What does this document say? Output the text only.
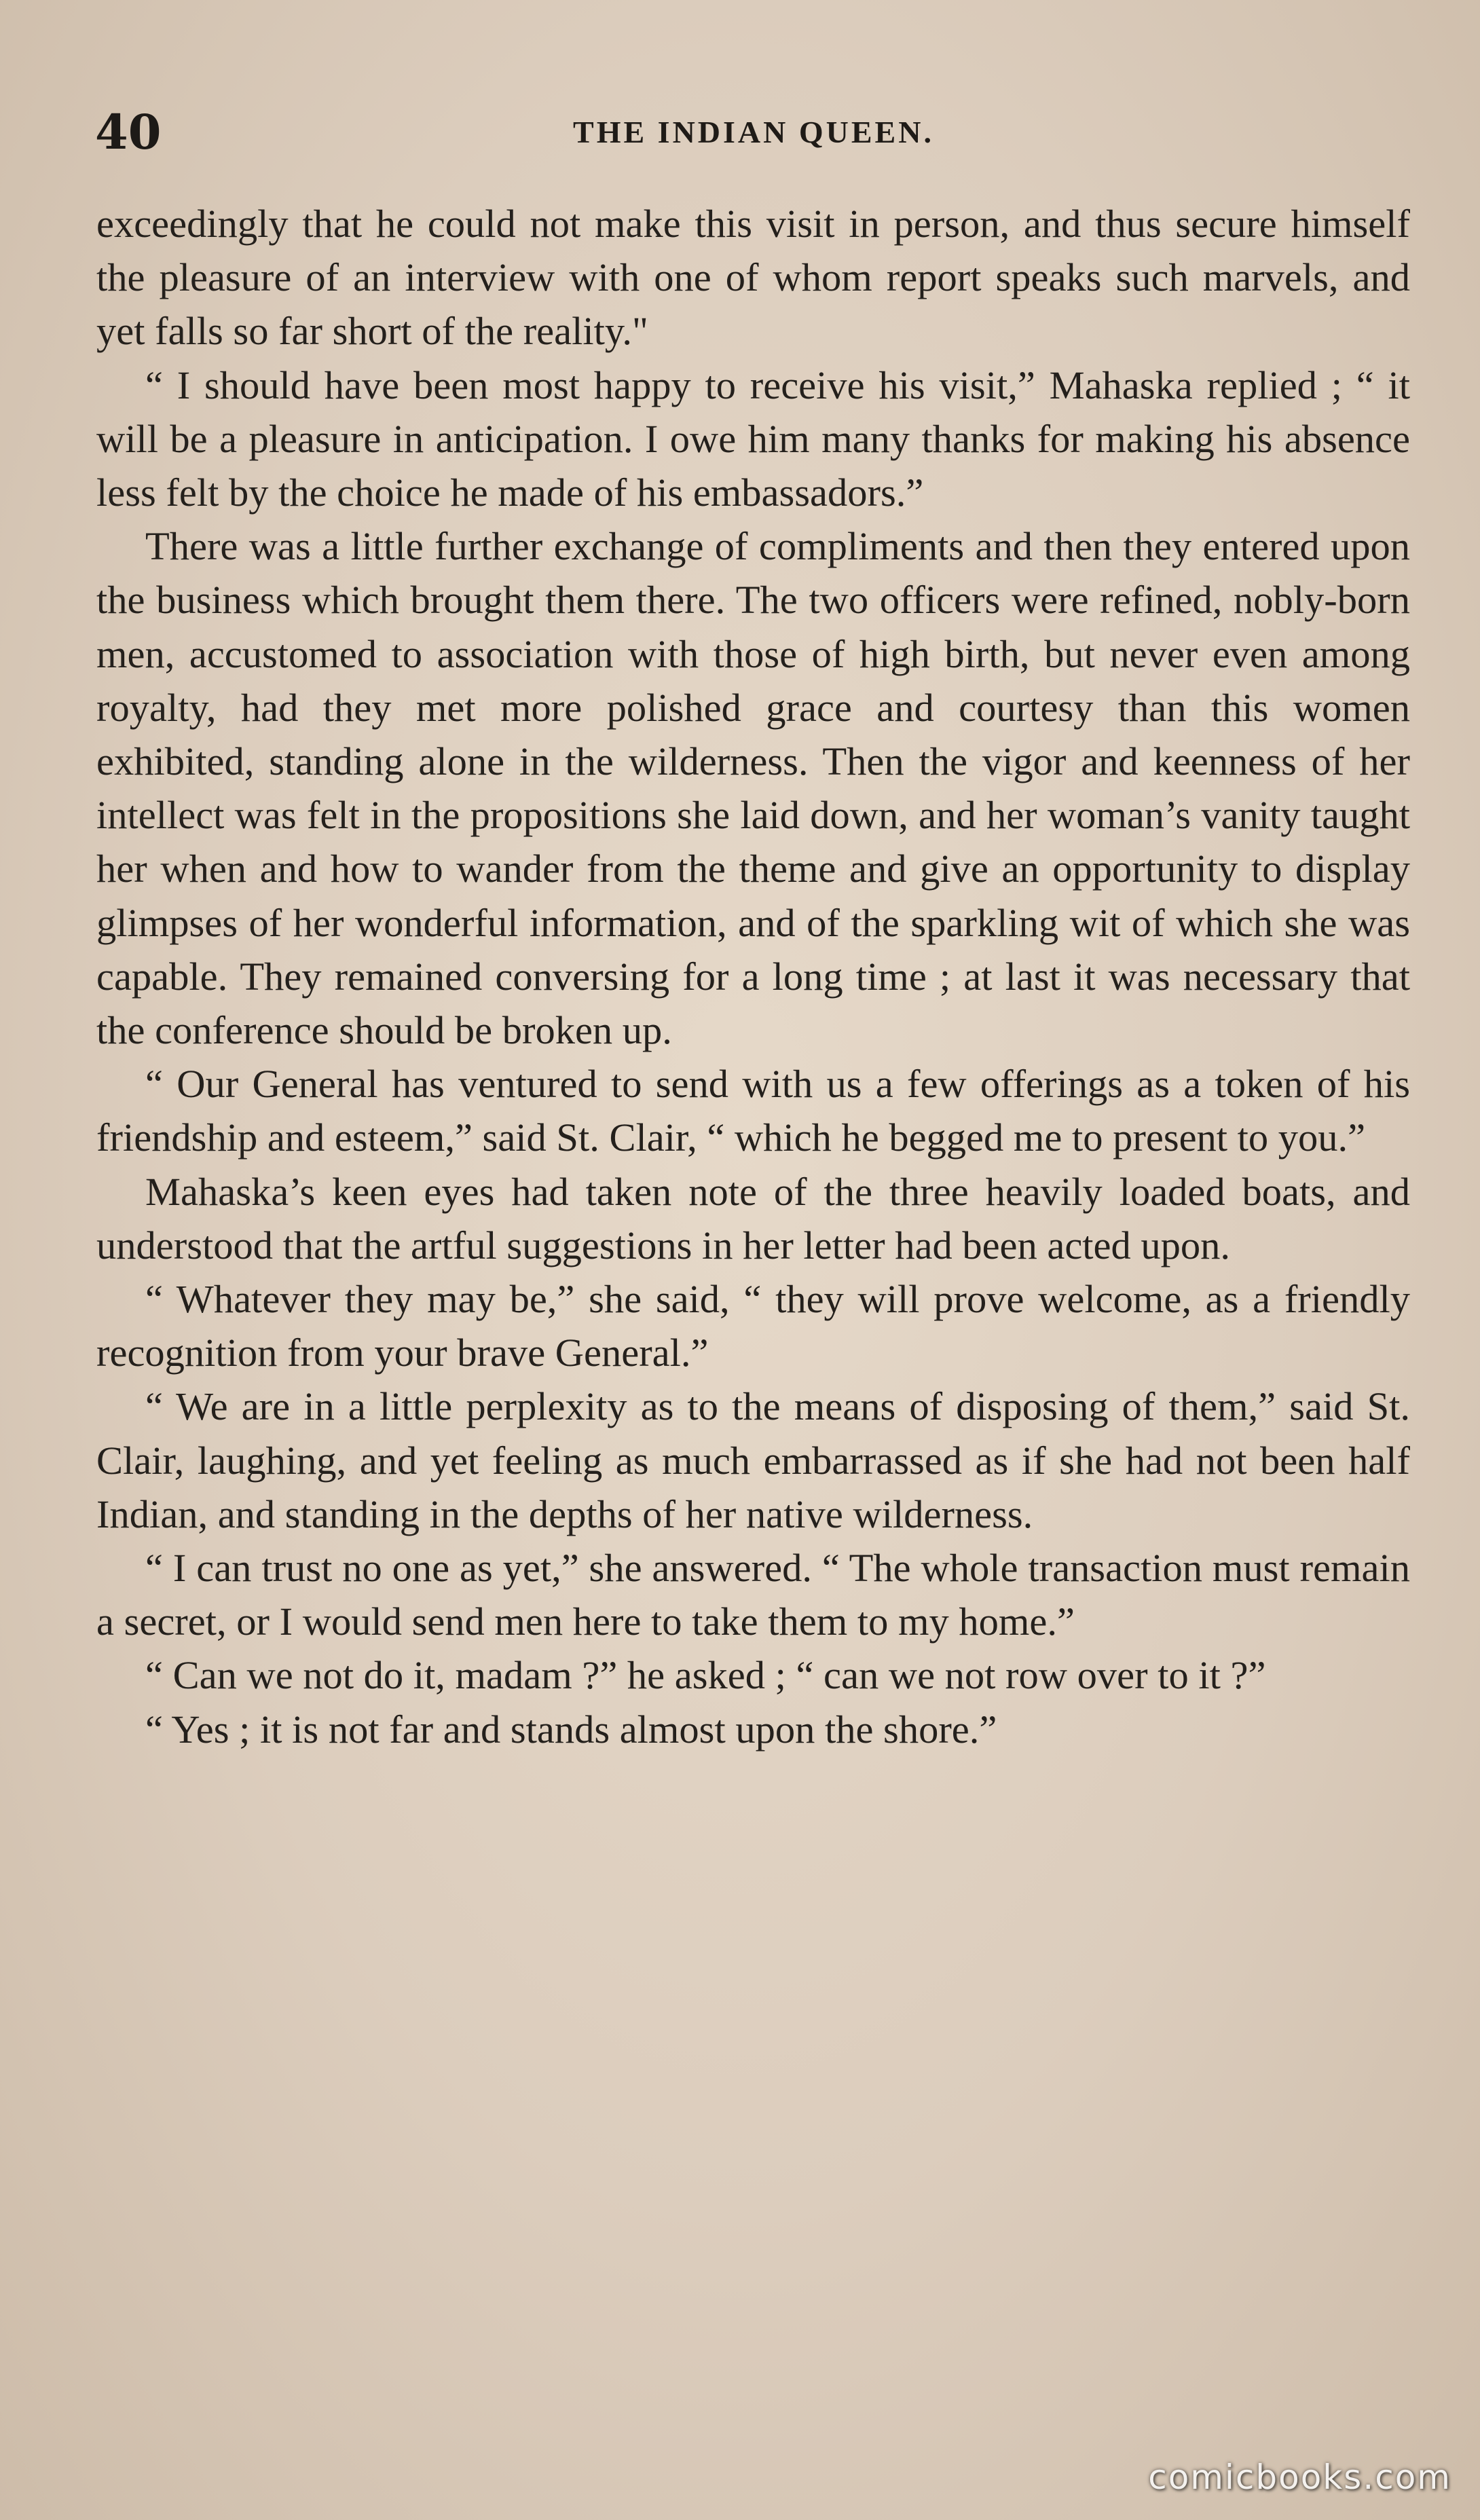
40	THE INDIAN QUEEN.

exceedingly that he could not make this visit in person, and thus secure himself the pleasure of an interview with one of whom report speaks such marvels, and yet falls so far short of the reality."

“ I should have been most happy to receive his visit,” Mahaska replied ; “ it will be a pleasure in anticipation. I owe him many thanks for making his absence less felt by the choice he made of his embassadors.”

There was a little further exchange of compliments and then they entered upon the business which brought them there. The two officers were refined, nobly-born men, accustomed to association with those of high birth, but never even among royalty, had they met more polished grace and courtesy than this women exhibited, standing alone in the wilderness. Then the vigor and keenness of her intellect was felt in the propositions she laid down, and her woman’s vanity taught her when and how to wander from the theme and give an opportunity to display glimpses of her wonderful information, and of the sparkling wit of which she was capable. They remained conversing for a long time ; at last it was necessary that the conference should be broken up.

“ Our General has ventured to send with us a few offerings as a token of his friendship and esteem,” said St. Clair, “ which he begged me to present to you.”

Mahaska’s keen eyes had taken note of the three heavily loaded boats, and understood that the artful suggestions in her letter had been acted upon.

“ Whatever they may be,” she said, “ they will prove welcome, as a friendly recognition from your brave General.”

“ We are in a little perplexity as to the means of disposing of them,” said St. Clair, laughing, and yet feeling as much embarrassed as if she had not been half Indian, and standing in the depths of her native wilderness.

“ I can trust no one as yet,” she answered. “ The whole transaction must remain a secret, or I would send men here to take them to my home.”

“ Can we not do it, madam ?” he asked ; “ can we not row over to it ?”

“ Yes ; it is not far and stands almost upon the shore.”

comicbooks.com
